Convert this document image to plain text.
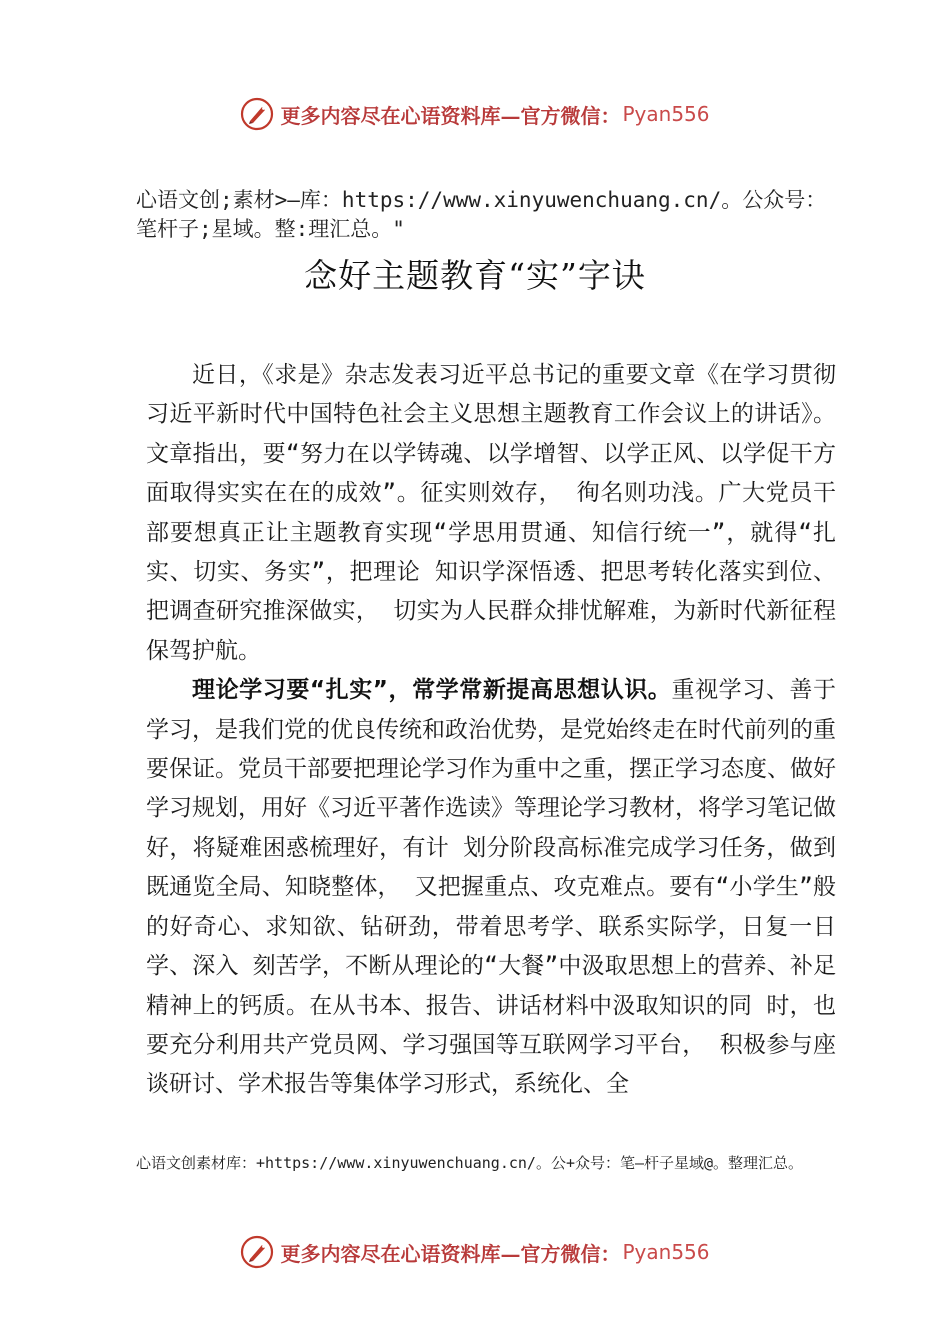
更多内容尽在心语资料库—官方微信： Pyan556
心语文创;素材>—库：https://www.xinyuwenchuang.cn/。公众号：笔杆子;星域。整:理汇总。"
念好主题教育“实”字诀

近日，《求是》杂志发表习近平总书记的重要文章《在学习贯彻习近平新时代中国特色社会主义思想主题教育工作会议上的讲话》。文章指出，要“努力在以学铸魂、以学增智、以学正风、以学促干方面取得实实在在的成效”。征实则效存， 徇名则功浅。广大党员干部要想真正让主题教育实现“学思用贯通、知信行统一”，就得“扎实、切实、务实”，把理论 知识学深悟透、把思考转化落实到位、把调查研究推深做实， 切实为人民群众排忧解难，为新时代新征程保驾护航。

理论学习要“扎实”，常学常新提高思想认识。重视学习、善于学习，是我们党的优良传统和政治优势，是党始终走在时代前列的重要保证。党员干部要把理论学习作为重中之重，摆正学习态度、做好学习规划，用好《习近平著作选读》等理论学习教材，将学习笔记做好，将疑难困惑梳理好，有计 划分阶段高标准完成学习任务，做到既通览全局、知晓整体， 又把握重点、攻克难点。要有“小学生”般的好奇心、求知欲、钻研劲，带着思考学、联系实际学，日复一日学、深入 刻苦学，不断从理论的“大餐”中汲取思想上的营养、补足 精神上的钙质。在从书本、报告、讲话材料中汲取知识的同 时，也要充分利用共产党员网、学习强国等互联网学习平台， 积极参与座谈研讨、学术报告等集体学习形式，系统化、全

心语文创素材库：+https://www.xinyuwenchuang.cn/。公+众号：笔—杆子星域@。整理汇总。
更多内容尽在心语资料库—官方微信： Pyan556
